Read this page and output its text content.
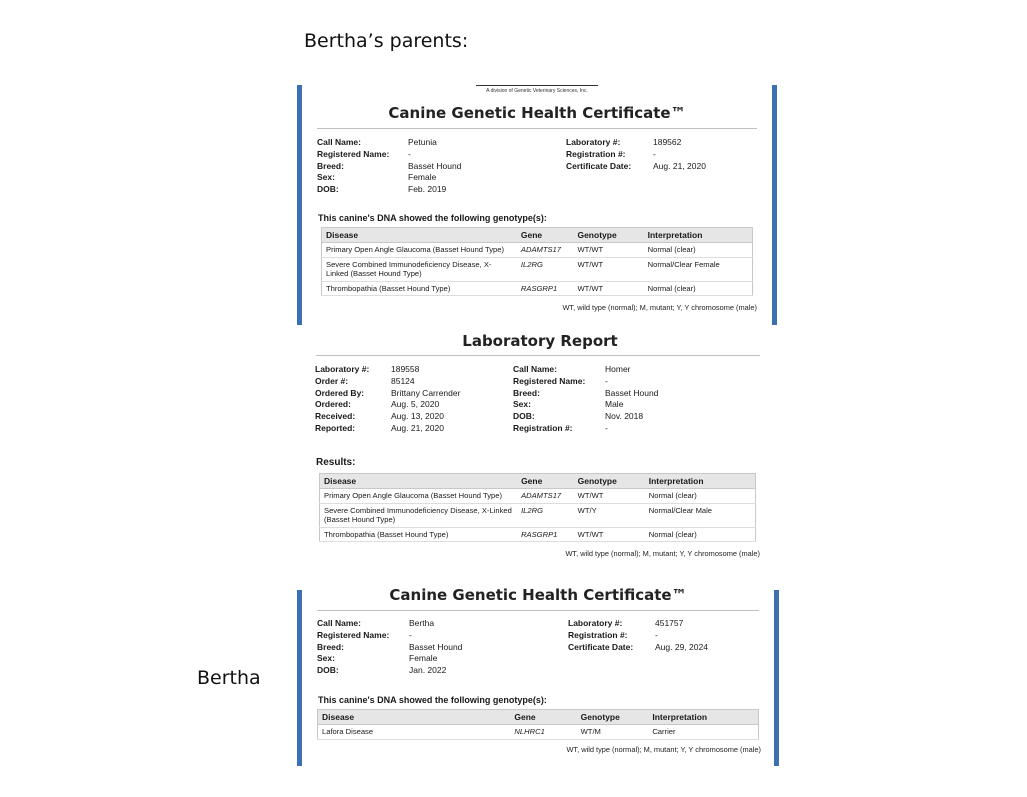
Bertha’s parents:
Bertha
A division of Genetic Veterinary Sciences, Inc.
Canine Genetic Health Certificate™
Call Name:	Petunia
Registered Name:	-
Breed:	Basset Hound
Sex:	Female
DOB:	Feb. 2019
Laboratory #:	189562
Registration #:	-
Certificate Date:	Aug. 21, 2020
This canine's DNA showed the following genotype(s):
Disease	Gene	Genotype	Interpretation
Primary Open Angle Glaucoma (Basset Hound Type)	ADAMTS17	WT/WT	Normal (clear)
Severe Combined Immunodeficiency Disease, X-Linked (Basset Hound Type)	IL2RG	WT/WT	Normal/Clear Female
Thrombopathia (Basset Hound Type)	RASGRP1	WT/WT	Normal (clear)
WT, wild type (normal); M, mutant; Y, Y chromosome (male)
Laboratory Report
Laboratory #:	189558
Order #:	85124
Ordered By:	Brittany Carrender
Ordered:	Aug. 5, 2020
Received:	Aug. 13, 2020
Reported:	Aug. 21, 2020
Call Name:	Homer
Registered Name:	-
Breed:	Basset Hound
Sex:	Male
DOB:	Nov. 2018
Registration #:	-
Results:
Disease	Gene	Genotype	Interpretation
Primary Open Angle Glaucoma (Basset Hound Type)	ADAMTS17	WT/WT	Normal (clear)
Severe Combined Immunodeficiency Disease, X-Linked (Basset Hound Type)	IL2RG	WT/Y	Normal/Clear Male
Thrombopathia (Basset Hound Type)	RASGRP1	WT/WT	Normal (clear)
WT, wild type (normal); M, mutant; Y, Y chromosome (male)
Canine Genetic Health Certificate™
Call Name:	Bertha
Registered Name:	-
Breed:	Basset Hound
Sex:	Female
DOB:	Jan. 2022
Laboratory #:	451757
Registration #:	-
Certificate Date:	Aug. 29, 2024
This canine's DNA showed the following genotype(s):
Disease	Gene	Genotype	Interpretation
Lafora Disease	NLHRC1	WT/M	Carrier
WT, wild type (normal); M, mutant; Y, Y chromosome (male)
